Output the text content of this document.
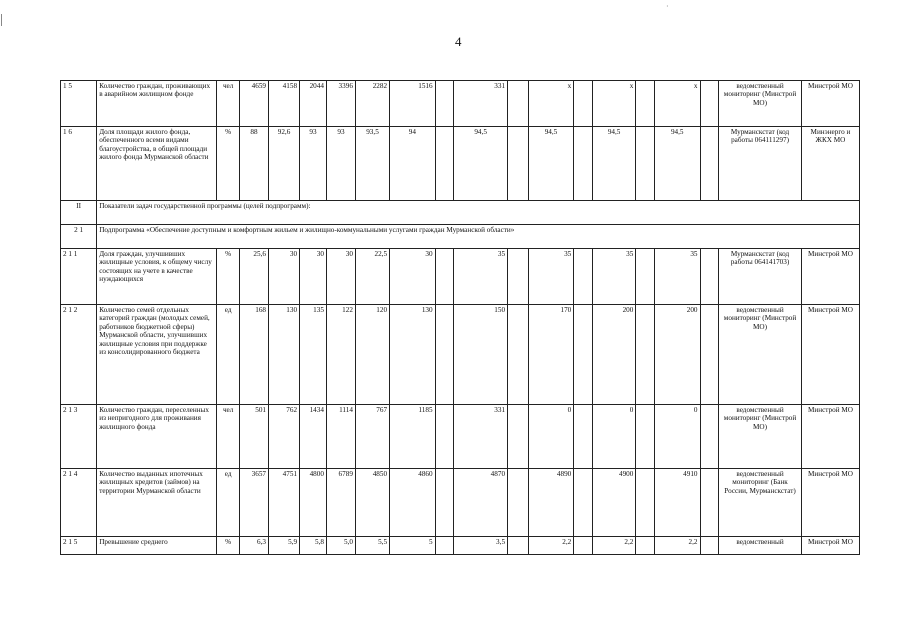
·
4
1 5	Количество граждан, проживающих в аварийном жилищном фонде	чел	4659	4158	2044	3396	2282	1516		331		x		x		x		ведомственный мониторинг (Минстрой МО)	Минстрой МО
1 6	Доля площади жилого фонда, обеспеченного всеми видами благоустройства, в общей площади жилого фонда Мурманской области	%	88	92,6	93	93	93,5	94		94,5		94,5		94,5		94,5		Мурманскстат (код работы 064111297)	Минэнерго и ЖКХ МО
II	Показатели задач государственной программы (целей подпрограмм):																		
2 1	Подпрограмма «Обеспечение доступным и комфортным жильем и жилищно-коммунальными услугами граждан Мурманской области»																		
2 1 1	Доля граждан, улучшивших жилищные условия, к общему числу состоящих на учете в качестве нуждающихся	%	25,6	30	30	30	22,5	30		35		35		35		35		Мурманскстат (код работы 064141703)	Минстрой МО
2 1 2	Количество семей отдельных категорий граждан (молодых семей, работников бюджетной сферы) Мурманской области, улучшивших жилищные условия при поддержке из консолидированного бюджета	ед	168	130	135	122	120	130		150		170		200		200		ведомственный мониторинг (Минстрой МО)	Минстрой МО
2 1 3	Количество граждан, переселенных из непригодного для проживания жилищного фонда	чел	501	762	1434	1114	767	1185		331		0		0		0		ведомственный мониторинг (Минстрой МО)	Минстрой МО
2 1 4	Количество выданных ипотечных жилищных кредитов (займов) на территории Мурманской области	ед	3657	4751	4800	6789	4850	4860		4870		4890		4900		4910		ведомственный мониторинг (Банк России, Мурманскстат)	Минстрой МО
2 1 5	Превышение среднего	%	6,3	5,9	5,8	5,0	5,5	5		3,5		2,2		2,2		2,2		ведомственный	Минстрой МО
